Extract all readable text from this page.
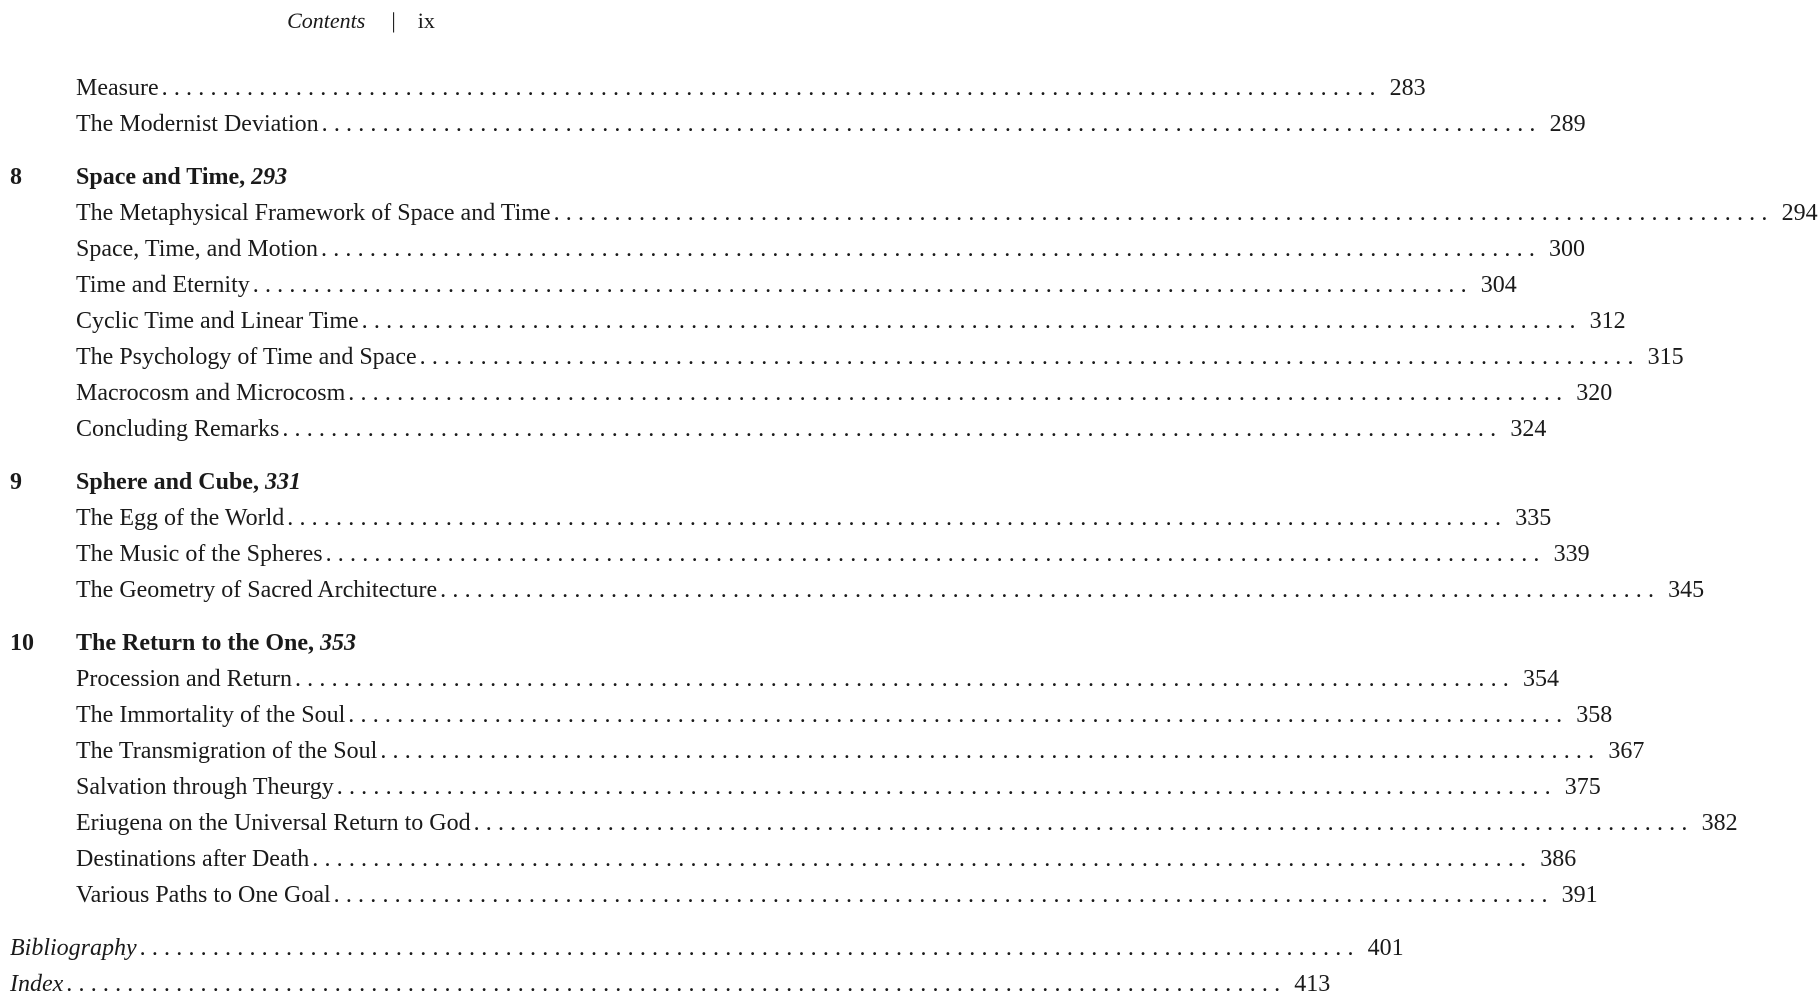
Contents | ix
Measure .................................................................................................... 283
The Modernist Deviation .................................................................................................... 289
8 Space and Time, 293
The Metaphysical Framework of Space and Time .................................................................................................... 294
Space, Time, and Motion .................................................................................................... 300
Time and Eternity .................................................................................................... 304
Cyclic Time and Linear Time .................................................................................................... 312
The Psychology of Time and Space .................................................................................................... 315
Macrocosm and Microcosm .................................................................................................... 320
Concluding Remarks .................................................................................................... 324
9 Sphere and Cube, 331
The Egg of the World .................................................................................................... 335
The Music of the Spheres .................................................................................................... 339
The Geometry of Sacred Architecture .................................................................................................... 345
10 The Return to the One, 353
Procession and Return .................................................................................................... 354
The Immortality of the Soul .................................................................................................... 358
The Transmigration of the Soul .................................................................................................... 367
Salvation through Theurgy .................................................................................................... 375
Eriugena on the Universal Return to God .................................................................................................... 382
Destinations after Death .................................................................................................... 386
Various Paths to One Goal .................................................................................................... 391
Bibliography .................................................................................................... 401
Index .................................................................................................... 413
